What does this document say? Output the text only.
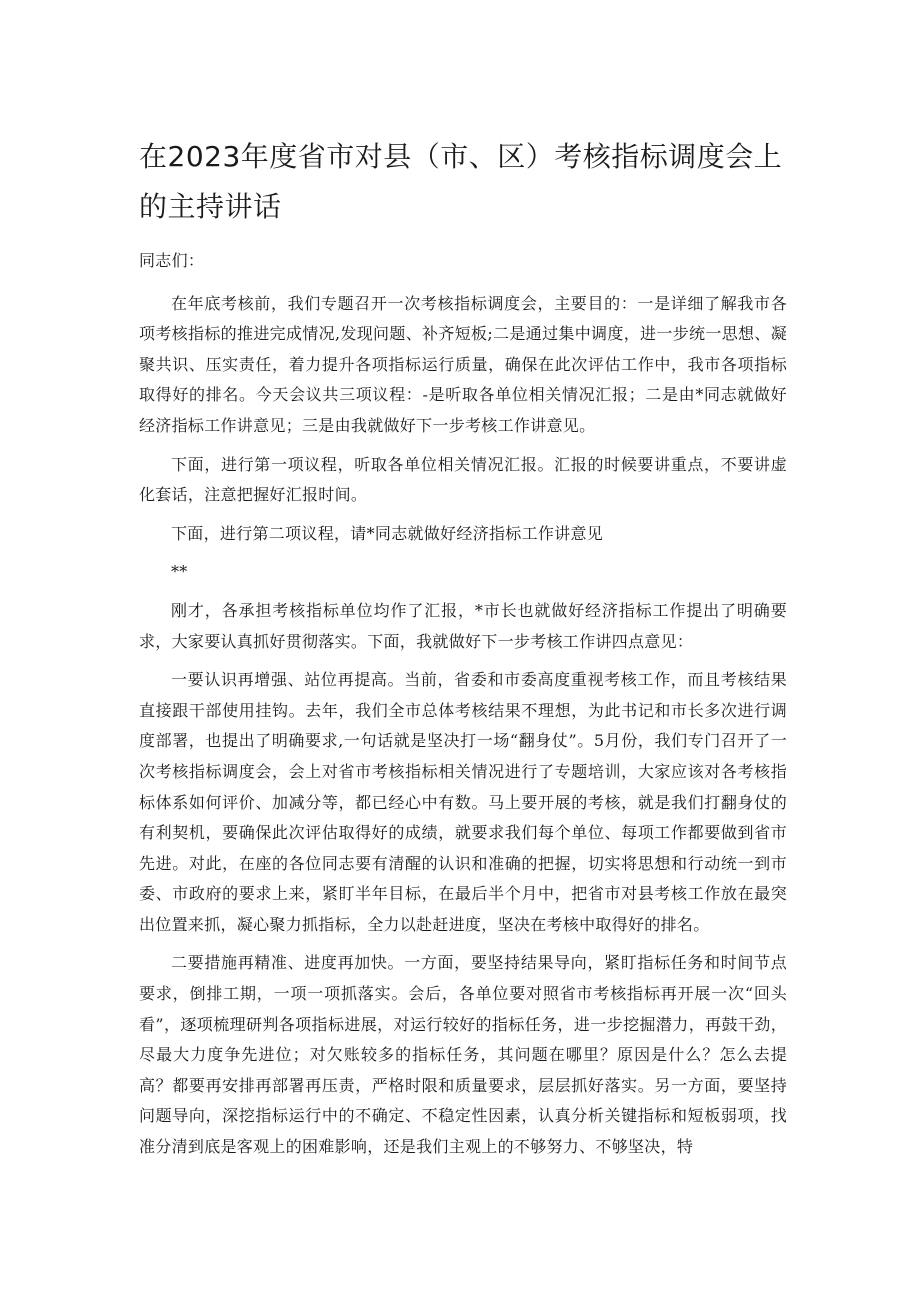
在2023年度省市对县（市、区）考核指标调度会上的主持讲话

同志们：

在年底考核前，我们专题召开一次考核指标调度会，主要目的：一是详细了解我市各项考核指标的推进完成情况,发现问题、补齐短板;二是通过集中调度，进一步统一思想、凝聚共识、压实责任，着力提升各项指标运行质量，确保在此次评估工作中，我市各项指标取得好的排名。今天会议共三项议程：-是听取各单位相关情况汇报；二是由*同志就做好经济指标工作讲意见；三是由我就做好下一步考核工作讲意见。

下面，进行第一项议程，听取各单位相关情况汇报。汇报的时候要讲重点，不要讲虚化套话，注意把握好汇报时间。

下面，进行第二项议程，请*同志就做好经济指标工作讲意见

**

刚才，各承担考核指标单位均作了汇报，*市长也就做好经济指标工作提出了明确要求，大家要认真抓好贯彻落实。下面，我就做好下一步考核工作讲四点意见：

一要认识再增强、站位再提高。当前，省委和市委高度重视考核工作，而且考核结果直接跟干部使用挂钩。去年，我们全市总体考核结果不理想，为此书记和市长多次进行调度部署，也提出了明确要求,一句话就是坚决打一场“翻身仗”。5月份，我们专门召开了一次考核指标调度会，会上对省市考核指标相关情况进行了专题培训，大家应该对各考核指标体系如何评价、加减分等，都已经心中有数。马上要开展的考核，就是我们打翻身仗的有利契机，要确保此次评估取得好的成绩，就要求我们每个单位、每项工作都要做到省市先进。对此，在座的各位同志要有清醒的认识和准确的把握，切实将思想和行动统一到市委、市政府的要求上来，紧盯半年目标，在最后半个月中，把省市对县考核工作放在最突出位置来抓，凝心聚力抓指标，全力以赴赶进度，坚决在考核中取得好的排名。

二要措施再精准、进度再加快。一方面，要坚持结果导向，紧盯指标任务和时间节点要求，倒排工期，一项一项抓落实。会后，各单位要对照省市考核指标再开展一次“回头看”，逐项梳理研判各项指标进展，对运行较好的指标任务，进一步挖掘潜力，再鼓干劲，尽最大力度争先进位；对欠账较多的指标任务，其问题在哪里？原因是什么？怎么去提高？都要再安排再部署再压责，严格时限和质量要求，层层抓好落实。另一方面，要坚持问题导向，深挖指标运行中的不确定、不稳定性因素，认真分析关键指标和短板弱项，找准分清到底是客观上的困难影响，还是我们主观上的不够努力、不够坚决，特
